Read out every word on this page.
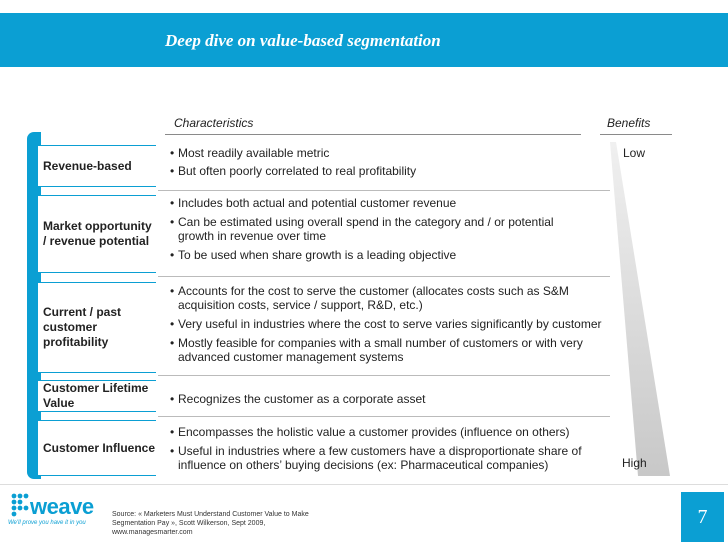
Deep dive on value-based segmentation
Characteristics	Benefits
Revenue-based
• Most readily available metric
• But often poorly correlated to real profitability
Market opportunity / revenue potential
• Includes both actual and potential customer revenue
• Can be estimated using overall spend in the category and / or potential growth in revenue over time
• To be used when share growth is a leading objective
Current / past customer profitability
• Accounts for the cost to serve the customer (allocates costs such as S&M acquisition costs, service / support, R&D, etc.)
• Very useful in industries where the cost to serve varies significantly by customer
• Mostly feasible for companies with a small number of customers or with very advanced customer management systems
Customer Lifetime Value	• Recognizes the customer as a corporate asset
Customer Influence
• Encompasses the holistic value a customer provides (influence on others)
• Useful in industries where a few customers have a disproportionate share of influence on others’ buying decisions (ex: Pharmaceutical companies)
Low
High
weave
We'll prove you have it in you
Source: « Marketers Must Understand Customer Value to Make
Segmentation Pay », Scott Wilkerson, Sept 2009,
www.managesmarter.com
7
